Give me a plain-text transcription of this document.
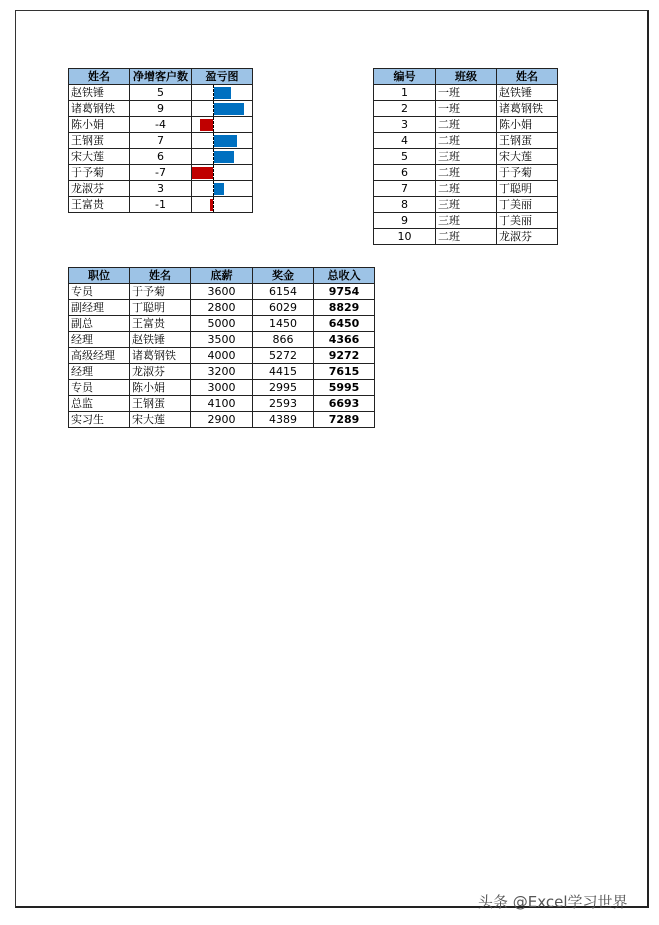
姓名	净增客户数	盈亏图
赵铁锤	5	

诸葛钢铁	9	

陈小娟	-4	

王钢蛋	7	

宋大莲	6	

于予菊	-7	

龙淑芬	3	

王富贵	-1	
编号	班级	姓名
1	一班	赵铁锤
2	一班	诸葛钢铁
3	二班	陈小娟
4	二班	王钢蛋
5	三班	宋大莲
6	二班	于予菊
7	二班	丁聪明
8	三班	丁美丽
9	三班	丁美丽
10	二班	龙淑芬
职位	姓名	底薪	奖金	总收入
专员	于予菊	3600	6154	9754
副经理	丁聪明	2800	6029	8829
副总	王富贵	5000	1450	6450
经理	赵铁锤	3500	866	4366
高级经理	诸葛钢铁	4000	5272	9272
经理	龙淑芬	3200	4415	7615
专员	陈小娟	3000	2995	5995
总监	王钢蛋	4100	2593	6693
实习生	宋大莲	2900	4389	7289
头条 @Excel学习世界
